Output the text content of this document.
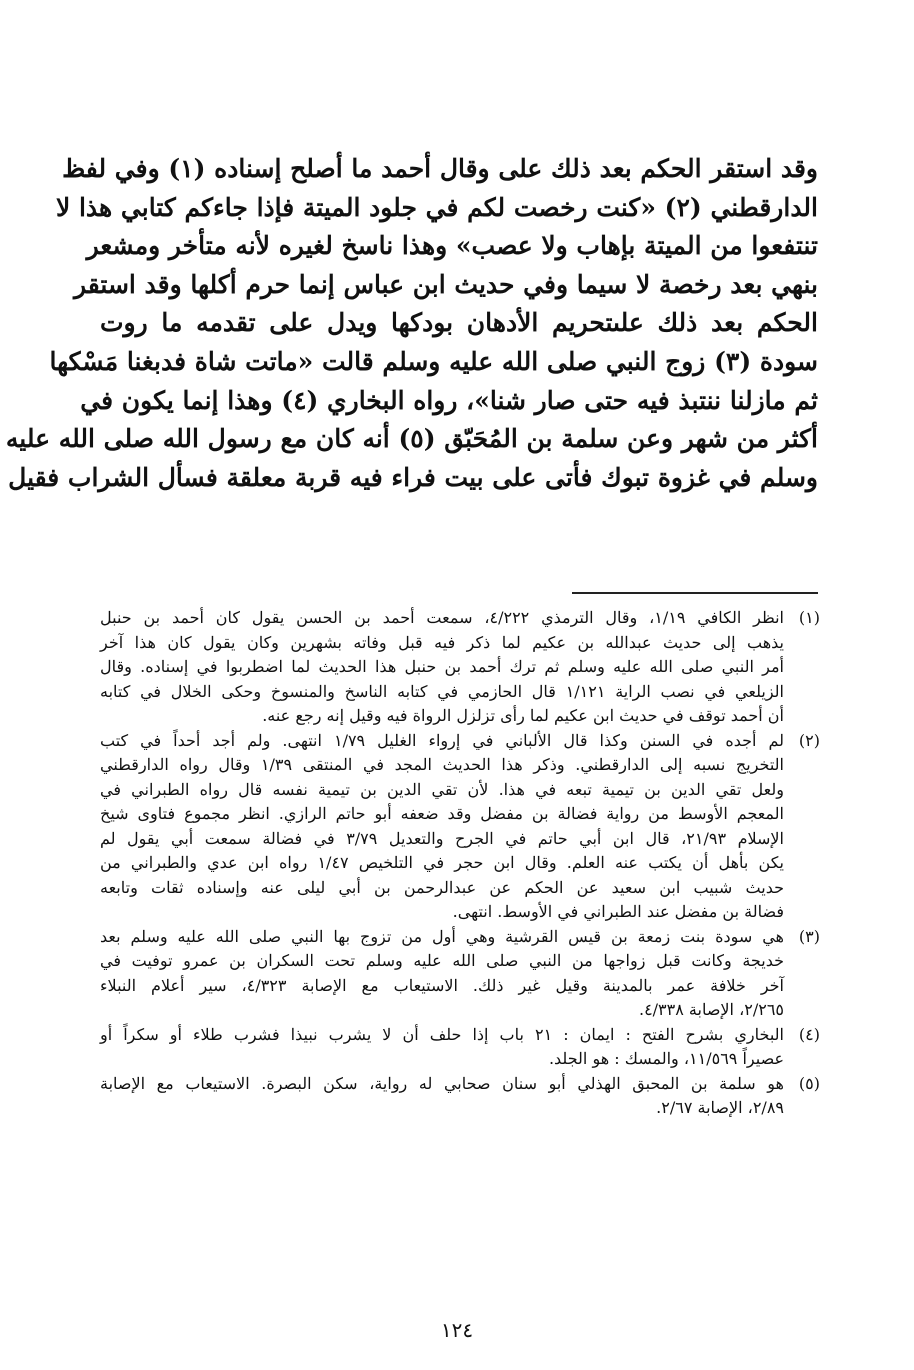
وقد استقر الحكم بعد ذلك على وقال أحمد ما أصلح إسناده (١) وفي لفظ
الدارقطني (٢) «كنت رخصت لكم في جلود الميتة فإذا جاءكم كتابي هذا لا
تنتفعوا من الميتة بإهاب ولا عصب» وهذا ناسخ لغيره لأنه متأخر ومشعر
بنهي بعد رخصة لا سيما وفي حديث ابن عباس إنما حرم أكلها وقد استقر
الحكم بعد ذلك علىتحريم الأدهان بودكها ويدل على تقدمه ما روت
سودة (٣) زوج النبي صلى الله عليه وسلم قالت «ماتت شاة فدبغنا مَسْكها
ثم مازلنا ننتبذ فيه حتى صار شنا»، رواه البخاري (٤) وهذا إنما يكون في
أكثر من شهر وعن سلمة بن المُحَبّق (٥) أنه كان مع رسول الله صلى الله عليه
وسلم في غزوة تبوك فأتى على بيت فراء فيه قربة معلقة فسأل الشراب فقيل
(١)
انظر الكافي ١/١٩، وقال الترمذي ٤/٢٢٢، سمعت أحمد بن الحسن يقول كان أحمد بن حنبل
يذهب إلى حديث عبدالله بن عكيم لما ذكر فيه قبل وفاته بشهرين وكان يقول كان هذا آخر
أمر النبي صلى الله عليه وسلم ثم ترك أحمد بن حنبل هذا الحديث لما اضطربوا في إسناده. وقال
الزيلعي في نصب الراية ١/١٢١ قال الحازمي في كتابه الناسخ والمنسوخ وحكى الخلال في كتابه
أن أحمد توقف في حديث ابن عكيم لما رأى تزلزل الرواة فيه وقيل إنه رجع عنه.
(٢)
لم أجده في السنن وكذا قال الألباني في إرواء الغليل ١/٧٩ انتهى. ولم أجد أحداً في كتب
التخريج نسبه إلى الدارقطني. وذكر هذا الحديث المجد في المنتقى ١/٣٩ وقال رواه الدارقطني
ولعل تقي الدين بن تيمية تبعه في هذا. لأن تقي الدين بن تيمية نفسه قال رواه الطبراني في
المعجم الأوسط من رواية فضالة بن مفضل وقد ضعفه أبو حاتم الرازي. انظر مجموع فتاوى شيخ
الإسلام ٢١/٩٣، قال ابن أبي حاتم في الجرح والتعديل ٣/٧٩ في فضالة سمعت أبي يقول لم
يكن بأهل أن يكتب عنه العلم. وقال ابن حجر في التلخيص ١/٤٧ رواه ابن عدي والطبراني من
حديث شبيب ابن سعيد عن الحكم عن عبدالرحمن بن أبي ليلى عنه وإسناده ثقات وتابعه
فضالة بن مفضل عند الطبراني في الأوسط. انتهى.
(٣)
هي سودة بنت زمعة بن قيس القرشية وهي أول من تزوج بها النبي صلى الله عليه وسلم بعد
خديجة وكانت قبل زواجها من النبي صلى الله عليه وسلم تحت السكران بن عمرو توفيت في
آخر خلافة عمر بالمدينة وقيل غير ذلك. الاستيعاب مع الإصابة ٤/٣٢٣، سير أعلام النبلاء
٢/٢٦٥، الإصابة ٤/٣٣٨.
(٤)
البخاري بشرح الفتح : ايمان : ٢١ باب إذا حلف أن لا يشرب نبيذا فشرب طلاء أو سكراً أو
عصيراً ١١/٥٦٩، والمسك : هو الجلد.
(٥)
هو سلمة بن المحبق الهذلي أبو سنان صحابي له رواية، سكن البصرة. الاستيعاب مع الإصابة
٢/٨٩، الإصابة ٢/٦٧.
١٢٤
